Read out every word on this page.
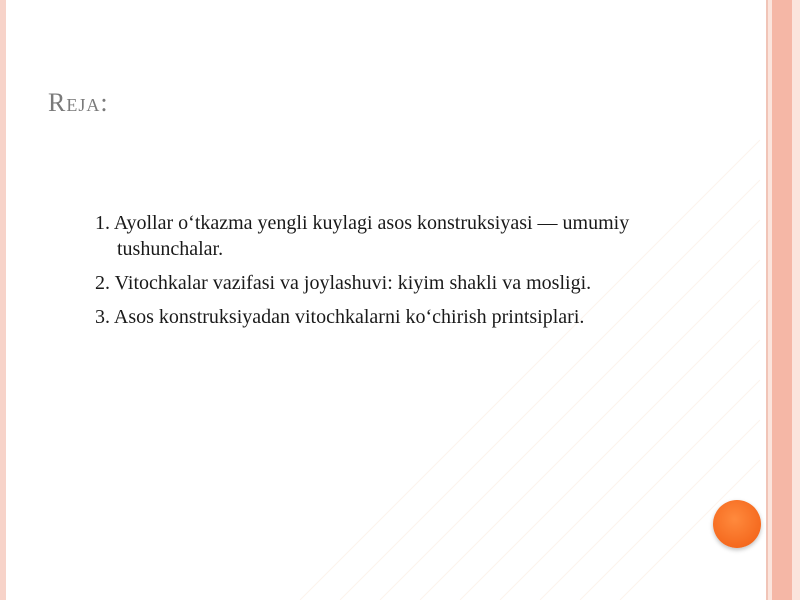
Reja:
1. Ayollar o‘tkazma yengli kuylagi asos konstruksiyasi — umumiy tushunchalar.
2. Vitochkalar vazifasi va joylashuvi: kiyim shakli va mosligi.
3. Asos konstruksiyadan vitochkalarni ko‘chirish printsiplari.
